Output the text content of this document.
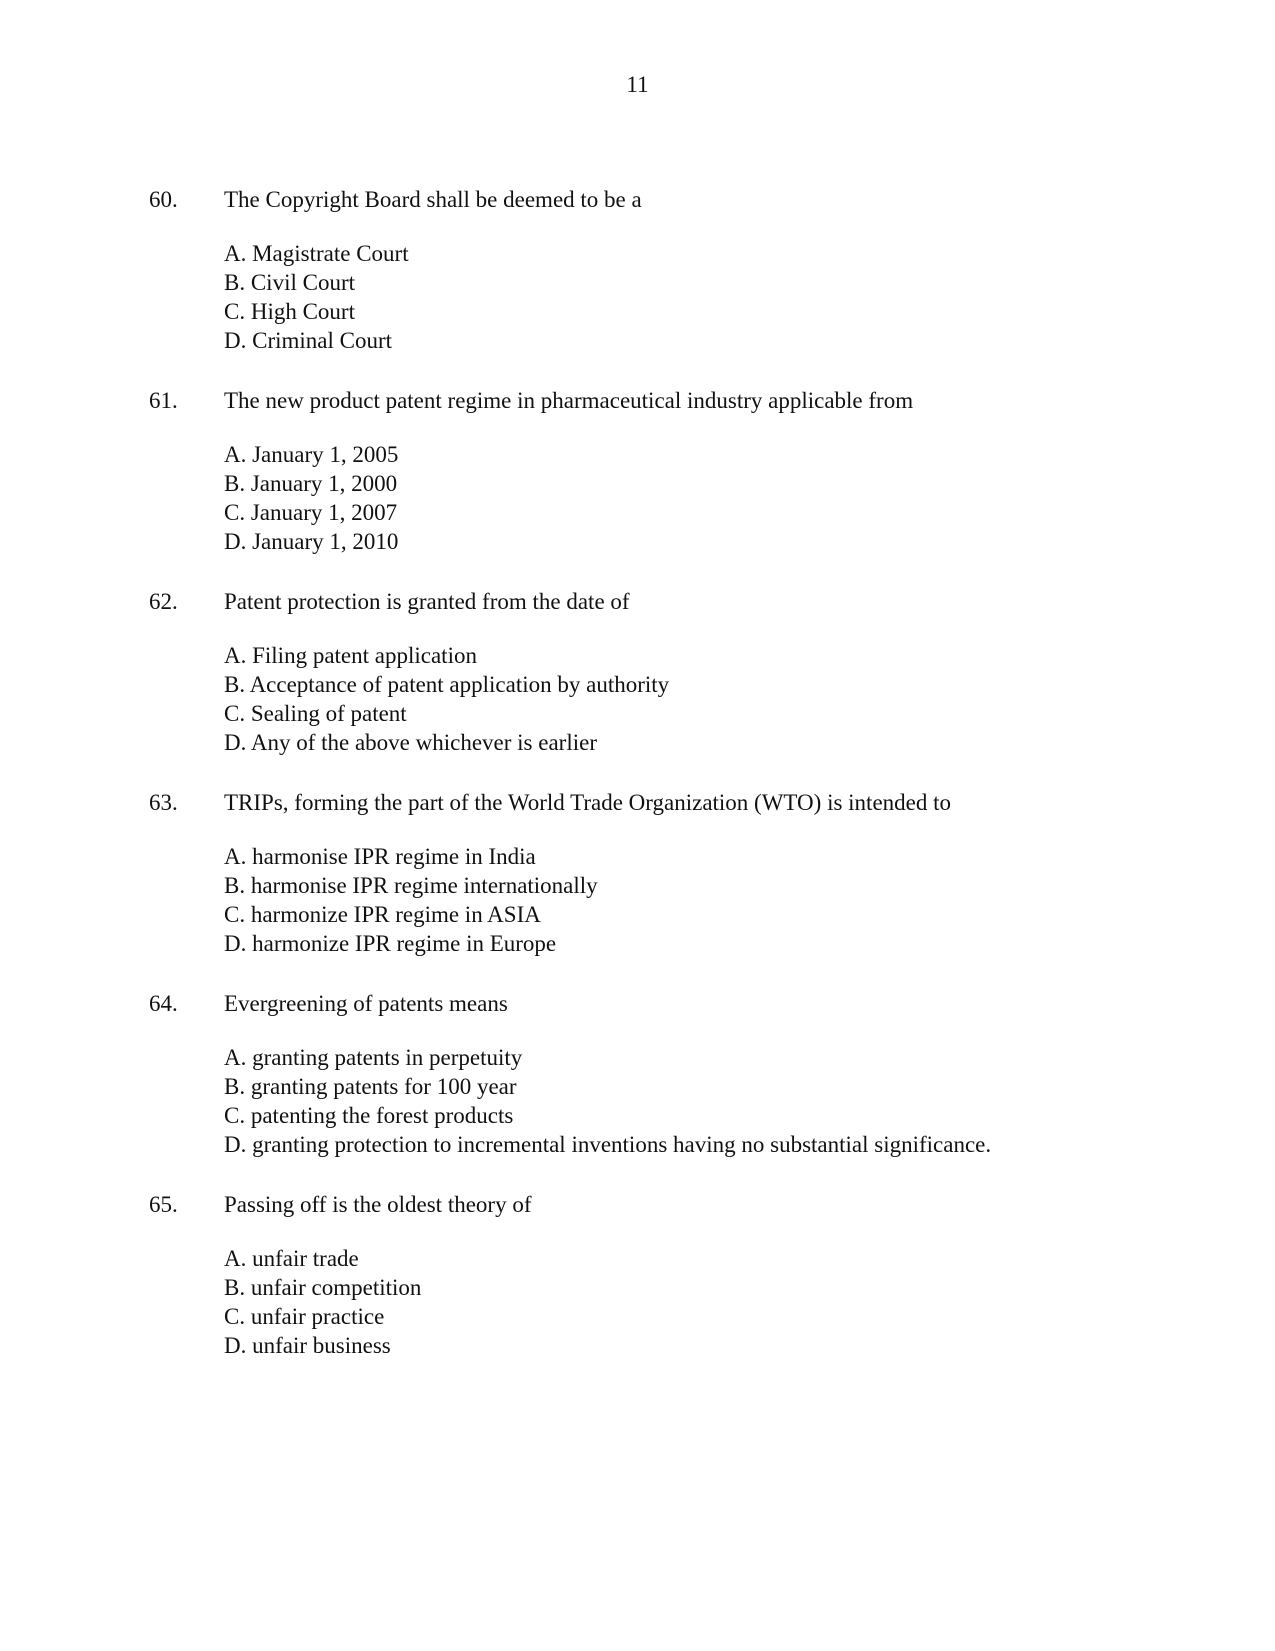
11
60. The Copyright Board shall be deemed to be a
A. Magistrate Court
B. Civil Court
C. High Court
D. Criminal Court
61. The new product patent regime in pharmaceutical industry applicable from
A. January 1, 2005
B. January 1, 2000
C. January 1, 2007
D. January 1, 2010
62. Patent protection is granted from the date of
A. Filing patent application
B. Acceptance of patent application by authority
C. Sealing of patent
D. Any of the above whichever is earlier
63. TRIPs, forming the part of the World Trade Organization (WTO) is intended to
A. harmonise IPR regime in India
B. harmonise IPR regime internationally
C. harmonize IPR regime in ASIA
D. harmonize IPR regime in Europe
64. Evergreening of patents means
A. granting patents in perpetuity
B. granting patents for 100 year
C. patenting the forest products
D. granting protection to incremental inventions having no substantial significance.
65. Passing off is the oldest theory of
A. unfair trade
B. unfair competition
C. unfair practice
D. unfair business
